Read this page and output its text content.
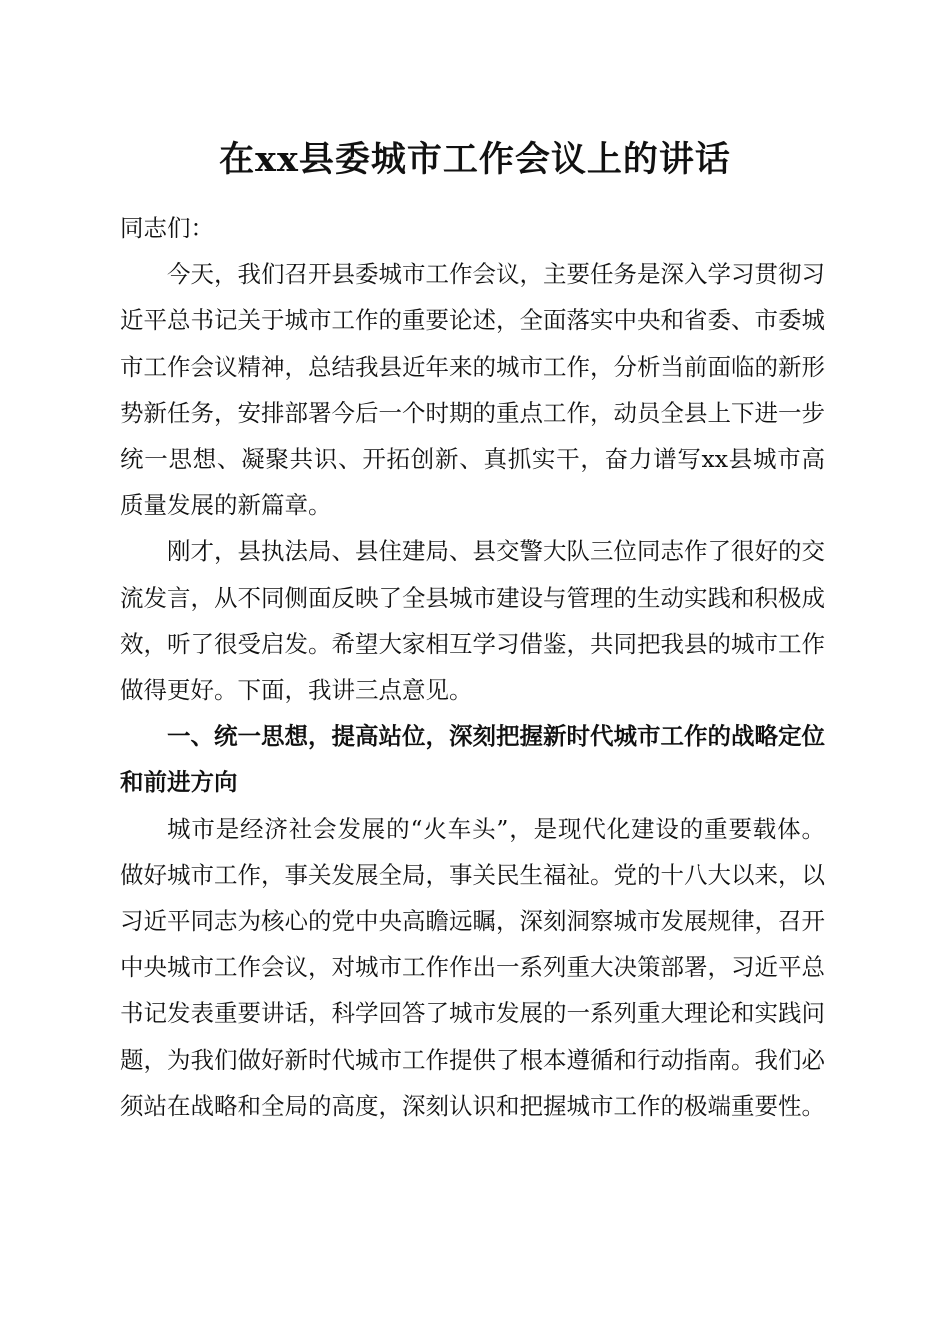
在xx县委城市工作会议上的讲话

同志们：

今天，我们召开县委城市工作会议，主要任务是深入学习贯彻习近平总书记关于城市工作的重要论述，全面落实中央和省委、市委城市工作会议精神，总结我县近年来的城市工作，分析当前面临的新形势新任务，安排部署今后一个时期的重点工作，动员全县上下进一步统一思想、凝聚共识、开拓创新、真抓实干，奋力谱写xx县城市高质量发展的新篇章。

刚才，县执法局、县住建局、县交警大队三位同志作了很好的交流发言，从不同侧面反映了全县城市建设与管理的生动实践和积极成效，听了很受启发。希望大家相互学习借鉴，共同把我县的城市工作做得更好。下面，我讲三点意见。

一、统一思想，提高站位，深刻把握新时代城市工作的战略定位和前进方向

城市是经济社会发展的“火车头”，是现代化建设的重要载体。做好城市工作，事关发展全局，事关民生福祉。党的十八大以来，以习近平同志为核心的党中央高瞻远瞩，深刻洞察城市发展规律，召开中央城市工作会议，对城市工作作出一系列重大决策部署，习近平总书记发表重要讲话，科学回答了城市发展的一系列重大理论和实践问题，为我们做好新时代城市工作提供了根本遵循和行动指南。我们必须站在战略和全局的高度，深刻认识和把握城市工作的极端重要性。
